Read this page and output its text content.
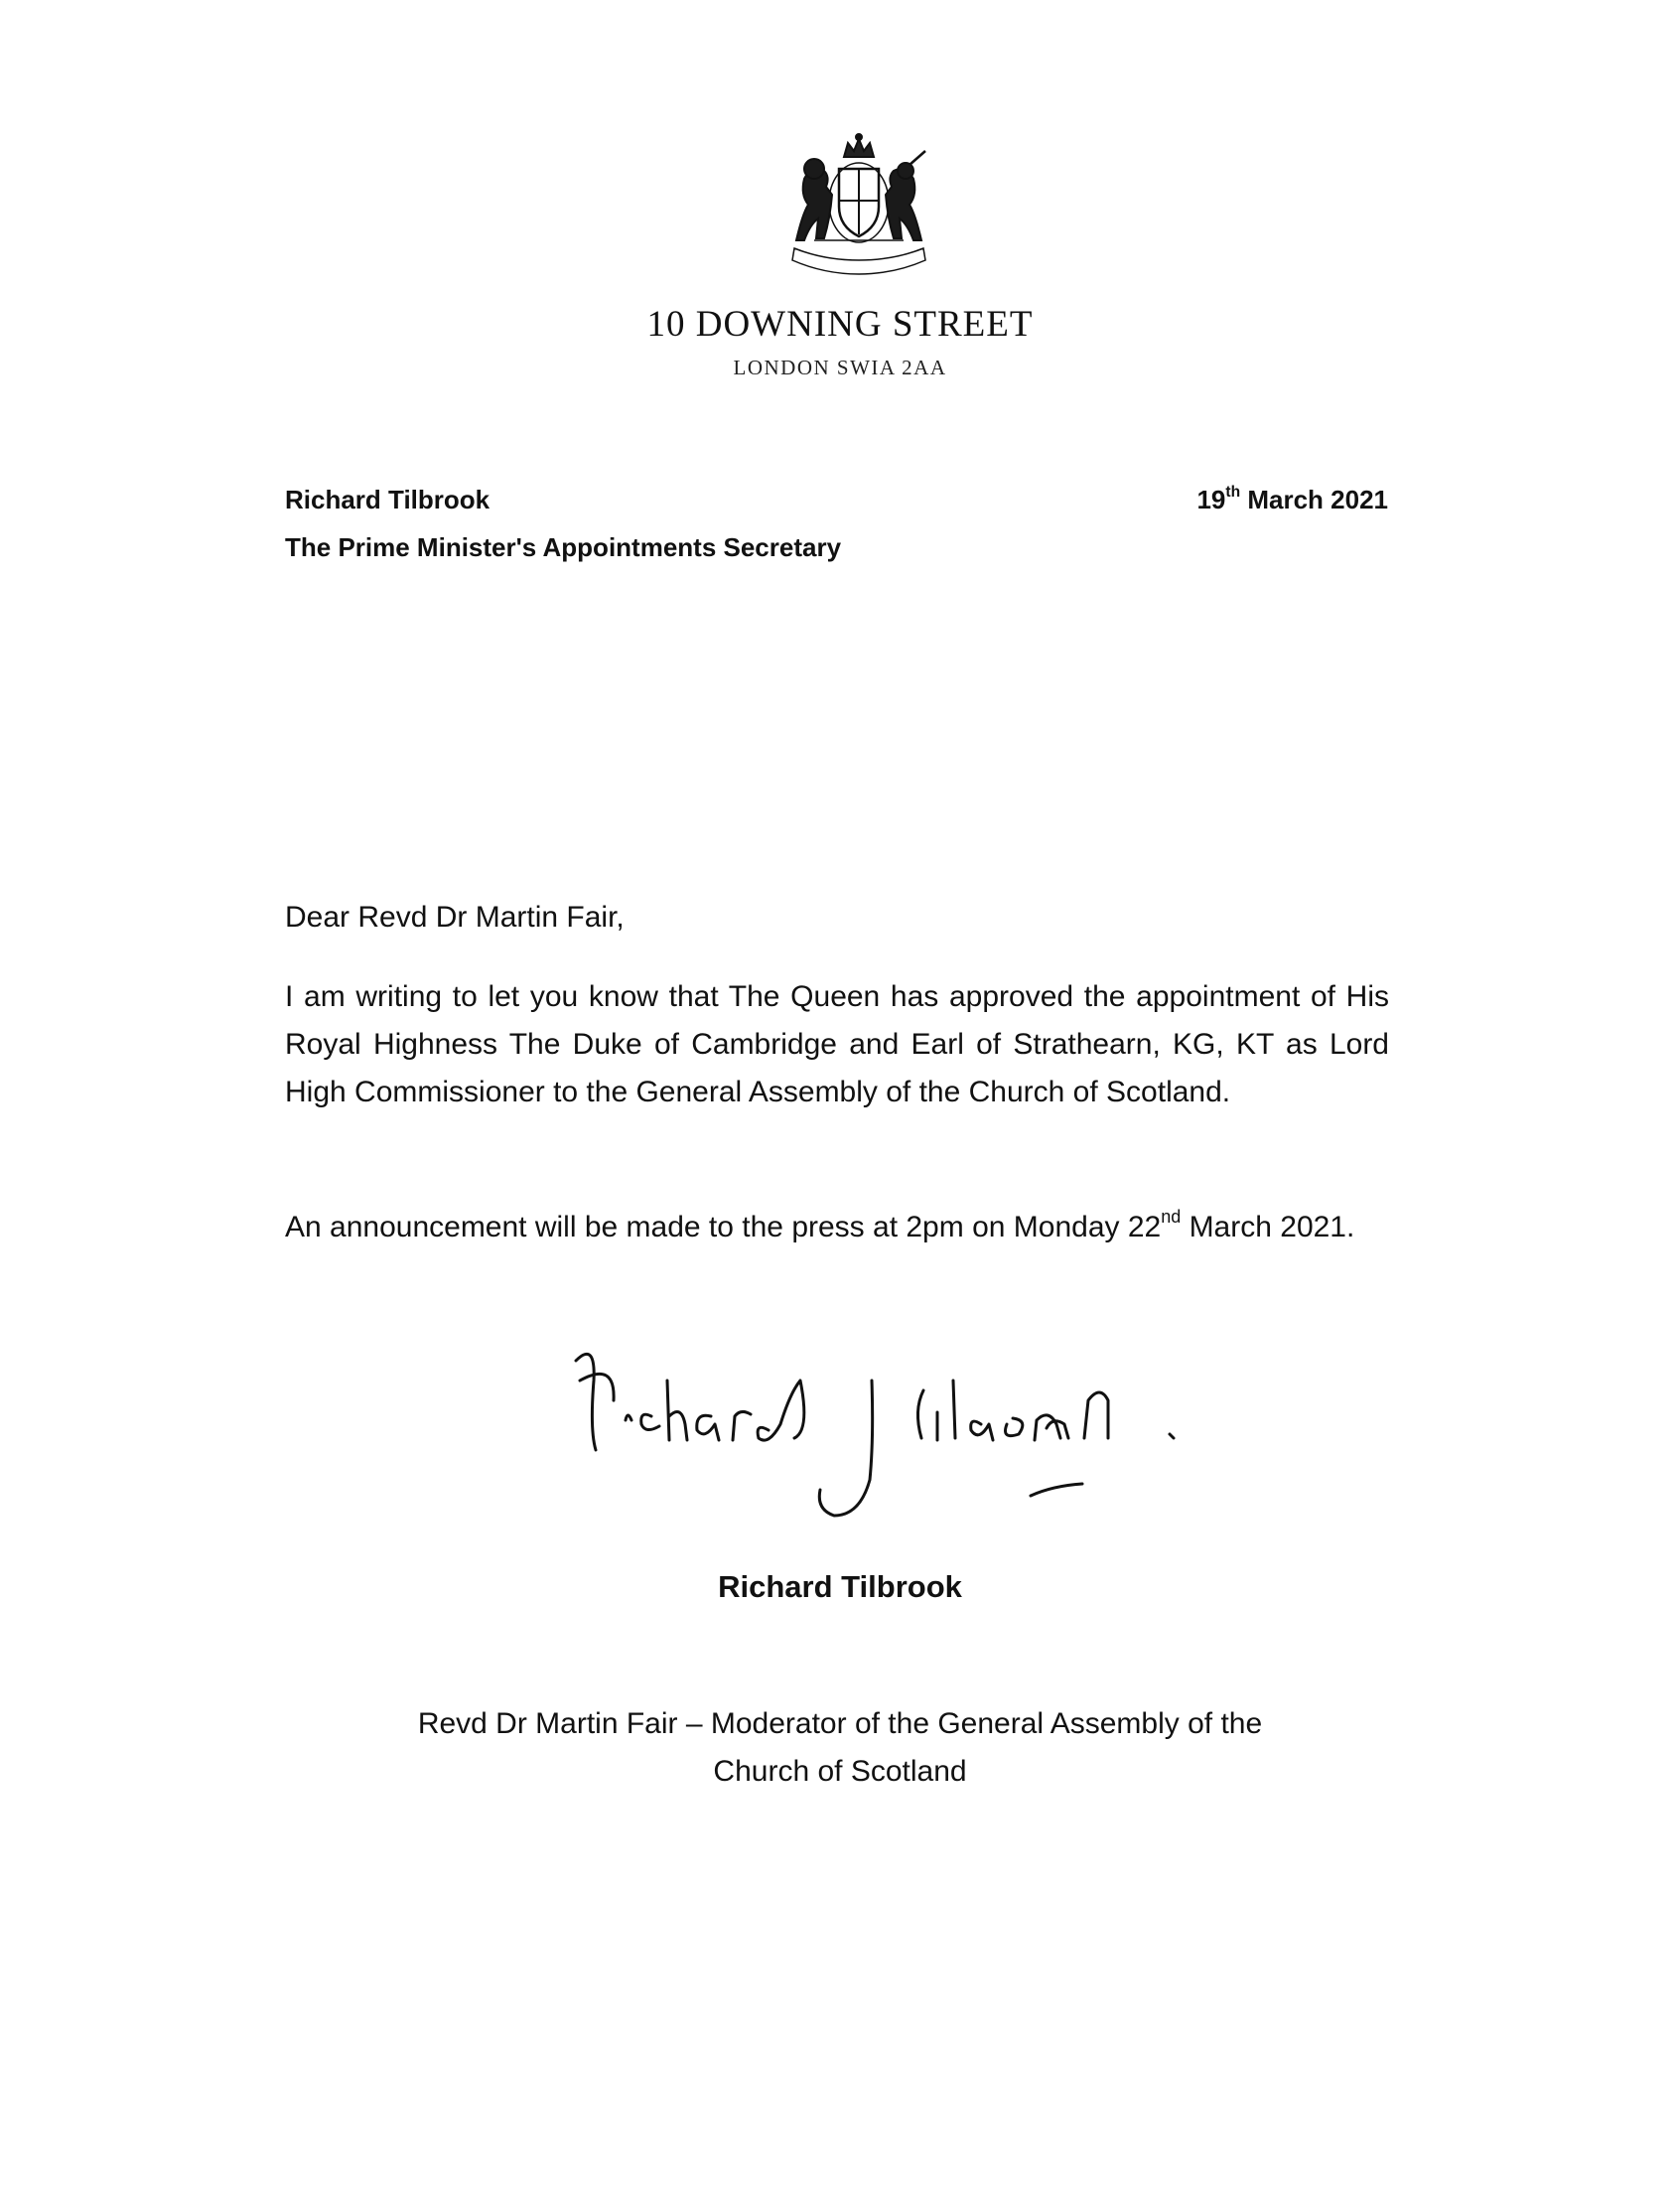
10 DOWNING STREET
LONDON SWIA 2AA
Richard Tilbrook
The Prime Minister's Appointments Secretary
19th March 2021
Dear Revd Dr Martin Fair,
I am writing to let you know that The Queen has approved the appointment of His Royal Highness The Duke of Cambridge and Earl of Strathearn, KG, KT as Lord High Commissioner to the General Assembly of the Church of Scotland.
An announcement will be made to the press at 2pm on Monday 22nd March 2021.
Richard Tilbrook
Revd Dr Martin Fair – Moderator of the General Assembly of the
Church of Scotland
